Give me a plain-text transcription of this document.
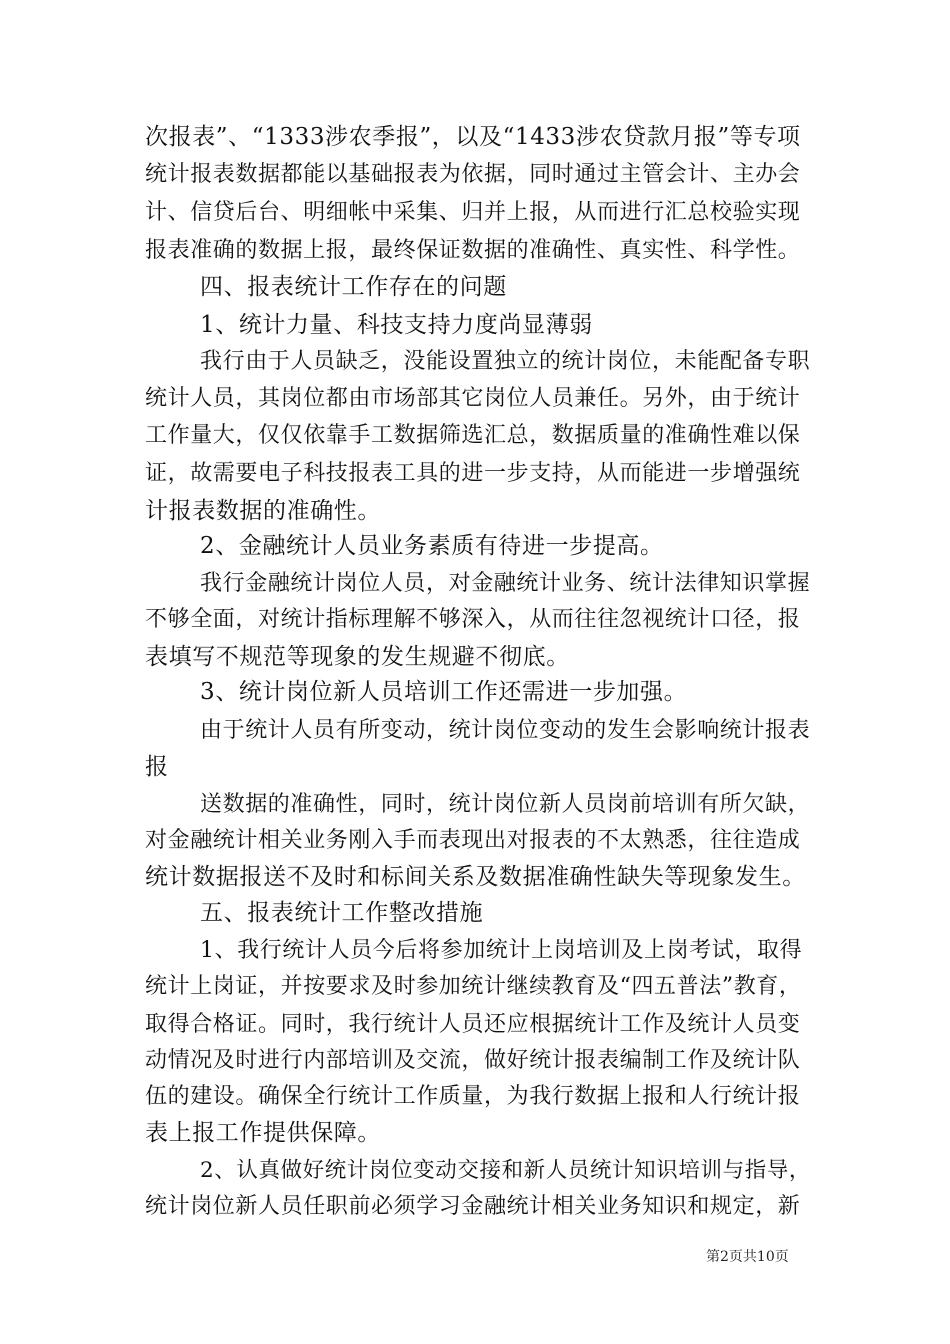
次报表”、“1333涉农季报”，以及“1433涉农贷款月报”等专项
统计报表数据都能以基础报表为依据，同时通过主管会计、主办会
计、信贷后台、明细帐中采集、归并上报，从而进行汇总校验实现
报表准确的数据上报，最终保证数据的准确性、真实性、科学性。
四、报表统计工作存在的问题
1、统计力量、科技支持力度尚显薄弱
我行由于人员缺乏，没能设置独立的统计岗位，未能配备专职
统计人员，其岗位都由市场部其它岗位人员兼任。另外，由于统计
工作量大，仅仅依靠手工数据筛选汇总，数据质量的准确性难以保
证，故需要电子科技报表工具的进一步支持，从而能进一步增强统
计报表数据的准确性。
2、金融统计人员业务素质有待进一步提高。
我行金融统计岗位人员，对金融统计业务、统计法律知识掌握
不够全面，对统计指标理解不够深入，从而往往忽视统计口径，报
表填写不规范等现象的发生规避不彻底。
3、统计岗位新人员培训工作还需进一步加强。
由于统计人员有所变动，统计岗位变动的发生会影响统计报表
报
送数据的准确性，同时，统计岗位新人员岗前培训有所欠缺，
对金融统计相关业务刚入手而表现出对报表的不太熟悉，往往造成
统计数据报送不及时和标间关系及数据准确性缺失等现象发生。
五、报表统计工作整改措施
1、我行统计人员今后将参加统计上岗培训及上岗考试，取得
统计上岗证，并按要求及时参加统计继续教育及“四五普法”教育，
取得合格证。同时，我行统计人员还应根据统计工作及统计人员变
动情况及时进行内部培训及交流，做好统计报表编制工作及统计队
伍的建设。确保全行统计工作质量，为我行数据上报和人行统计报
表上报工作提供保障。
2、认真做好统计岗位变动交接和新人员统计知识培训与指导，
统计岗位新人员任职前必须学习金融统计相关业务知识和规定，新
第2页共10页
